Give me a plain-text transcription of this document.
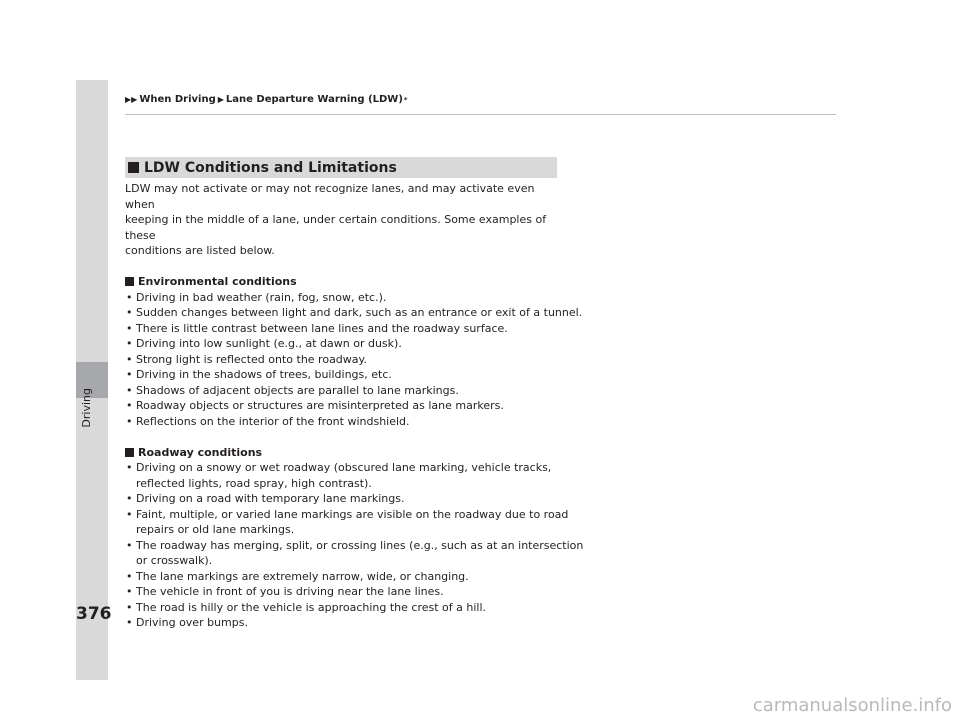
Driving
376
▶▶ When Driving ▶ Lane Departure Warning (LDW) *
LDW Conditions and Limitations

LDW may not activate or may not recognize lanes, and may activate even when

keeping in the middle of a lane, under certain conditions. Some examples of these

conditions are listed below.

Environmental conditions
• Driving in bad weather (rain, fog, snow, etc.).
• Sudden changes between light and dark, such as an entrance or exit of a tunnel.
• There is little contrast between lane lines and the roadway surface.
• Driving into low sunlight (e.g., at dawn or dusk).
• Strong light is reflected onto the roadway.
• Driving in the shadows of trees, buildings, etc.
• Shadows of adjacent objects are parallel to lane markings.
• Roadway objects or structures are misinterpreted as lane markers.
• Reflections on the interior of the front windshield.
Roadway conditions
• Driving on a snowy or wet roadway (obscured lane marking, vehicle tracks,
reflected lights, road spray, high contrast).
• Driving on a road with temporary lane markings.
• Faint, multiple, or varied lane markings are visible on the roadway due to road
repairs or old lane markings.
• The roadway has merging, split, or crossing lines (e.g., such as at an intersection
or crosswalk).
• The lane markings are extremely narrow, wide, or changing.
• The vehicle in front of you is driving near the lane lines.
• The road is hilly or the vehicle is approaching the crest of a hill.
• Driving over bumps.
carmanualsonline.info
